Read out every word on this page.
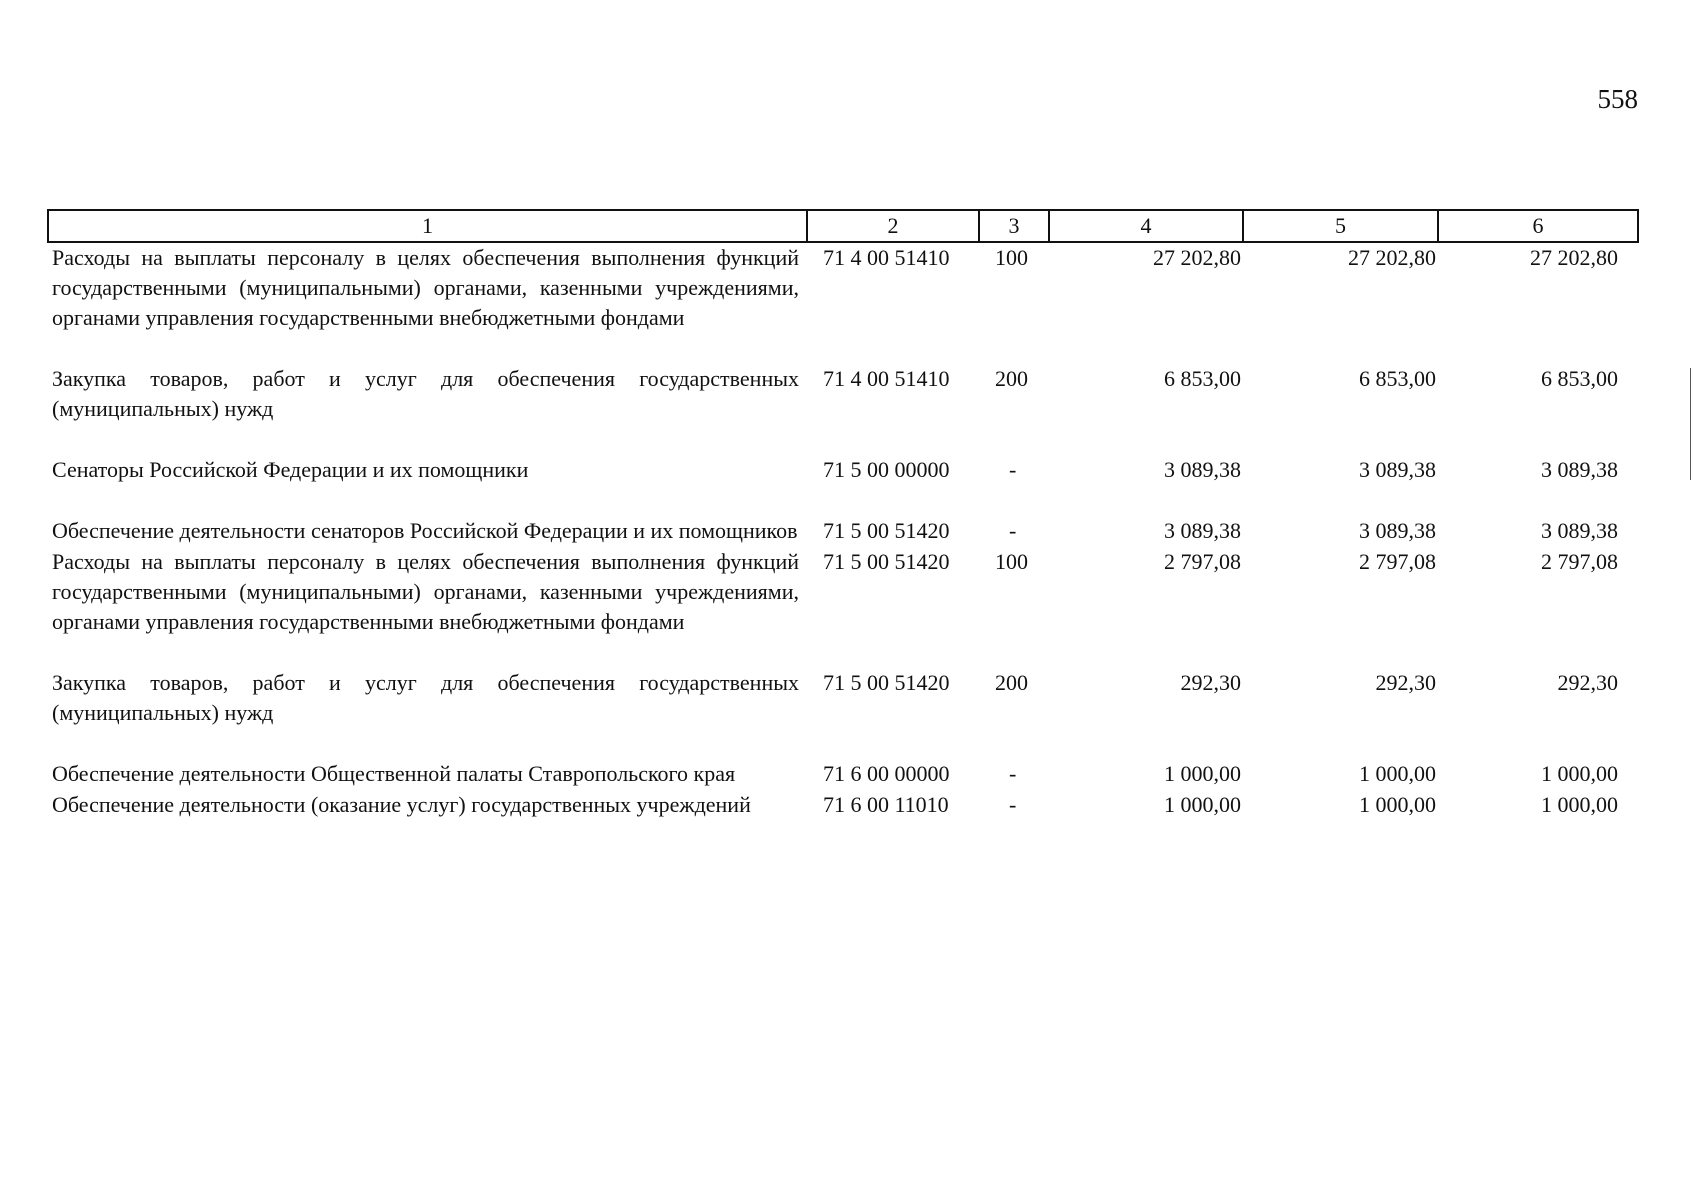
558
1	2	3	4	5	6
Расходы на выплаты персоналу в целях обеспечения выполнения функций государственными (муниципальными) органами, казенными учреждениями, органами управления государственными внебюджетными фондами	71 4 00 51410	100	27 202,80	27 202,80	27 202,80
Закупка товаров, работ и услуг для обеспечения государственных (муниципальных) нужд	71 4 00 51410	200	6 853,00	6 853,00	6 853,00
Сенаторы Российской Федерации и их помощники	71 5 00 00000	-	3 089,38	3 089,38	3 089,38
Обеспечение деятельности сенаторов Российской Федерации и их помощников	71 5 00 51420	-	3 089,38	3 089,38	3 089,38
Расходы на выплаты персоналу в целях обеспечения выполнения функций государственными (муниципальными) органами, казенными учреждениями, органами управления государственными внебюджетными фондами	71 5 00 51420	100	2 797,08	2 797,08	2 797,08
Закупка товаров, работ и услуг для обеспечения государственных (муниципальных) нужд	71 5 00 51420	200	292,30	292,30	292,30
Обеспечение деятельности Общественной палаты Ставропольского края	71 6 00 00000	-	1 000,00	1 000,00	1 000,00
Обеспечение деятельности (оказание услуг) государственных учреждений	71 6 00 11010	-	1 000,00	1 000,00	1 000,00
